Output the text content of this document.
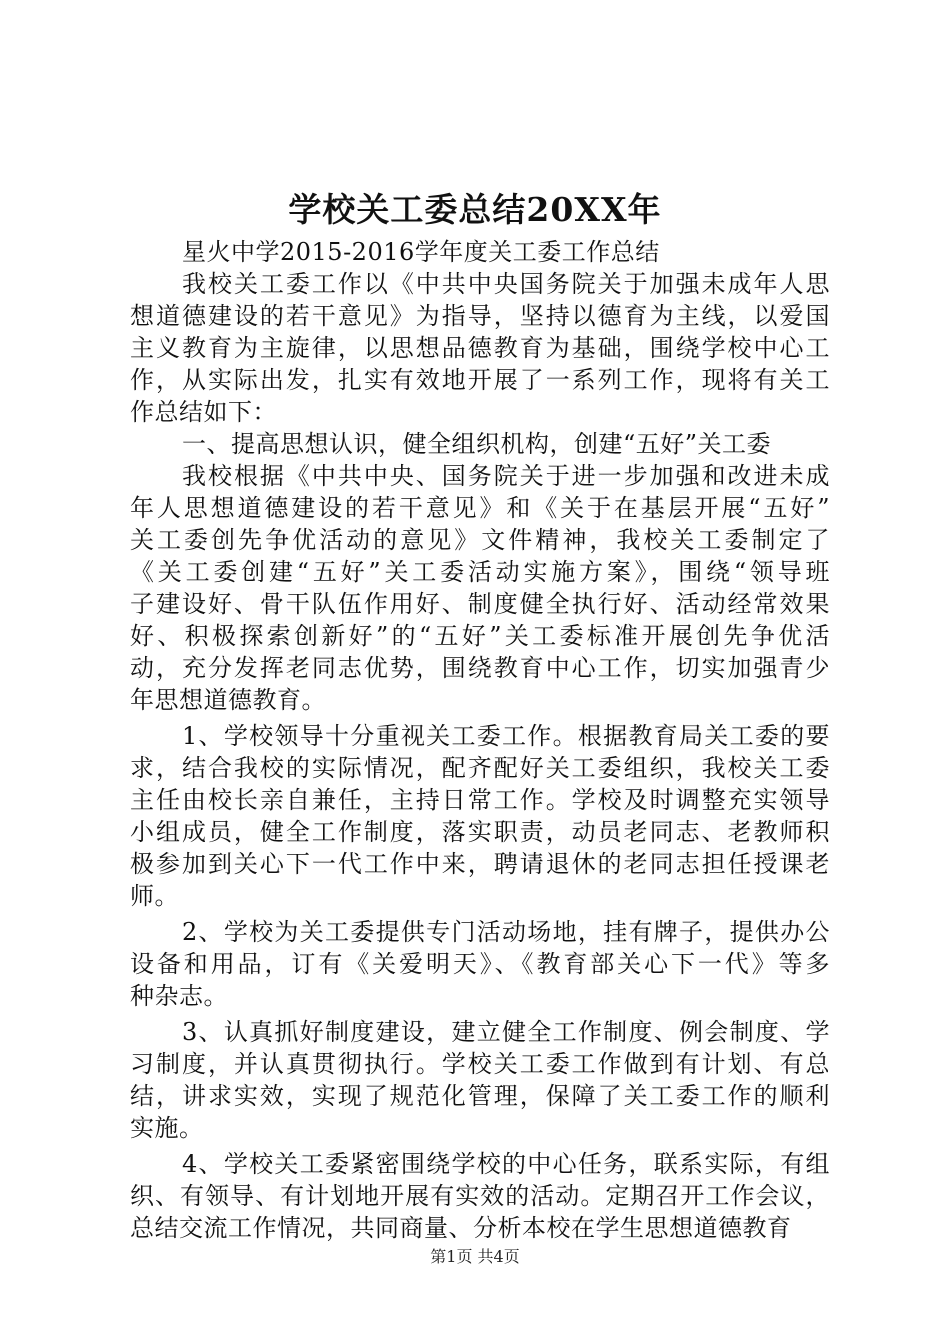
学校关工委总结20XX年
星火中学2015-2016学年度关工委工作总结
我校关工委工作以《中共中央国务院关于加强未成年人思
想道德建设的若干意见》为指导，坚持以德育为主线，以爱国
主义教育为主旋律，以思想品德教育为基础，围绕学校中心工
作，从实际出发，扎实有效地开展了一系列工作，现将有关工
作总结如下：
一、提高思想认识，健全组织机构，创建“五好”关工委
我校根据《中共中央、国务院关于进一步加强和改进未成
年人思想道德建设的若干意见》和《关于在基层开展“五好”
关工委创先争优活动的意见》文件精神，我校关工委制定了
《关工委创建“五好”关工委活动实施方案》，围绕“领导班
子建设好、骨干队伍作用好、制度健全执行好、活动经常效果
好、积极探索创新好”的“五好”关工委标准开展创先争优活
动，充分发挥老同志优势，围绕教育中心工作，切实加强青少
年思想道德教育。
1、学校领导十分重视关工委工作。根据教育局关工委的要
求，结合我校的实际情况，配齐配好关工委组织，我校关工委
主任由校长亲自兼任，主持日常工作。学校及时调整充实领导
小组成员，健全工作制度，落实职责，动员老同志、老教师积
极参加到关心下一代工作中来，聘请退休的老同志担任授课老
师。
2、学校为关工委提供专门活动场地，挂有牌子，提供办公
设备和用品，订有《关爱明天》、《教育部关心下一代》等多
种杂志。
3、认真抓好制度建设，建立健全工作制度、例会制度、学
习制度，并认真贯彻执行。学校关工委工作做到有计划、有总
结，讲求实效，实现了规范化管理，保障了关工委工作的顺利
实施。
4、学校关工委紧密围绕学校的中心任务，联系实际，有组
织、有领导、有计划地开展有实效的活动。定期召开工作会议，
总结交流工作情况，共同商量、分析本校在学生思想道德教育
第1页 共4页
